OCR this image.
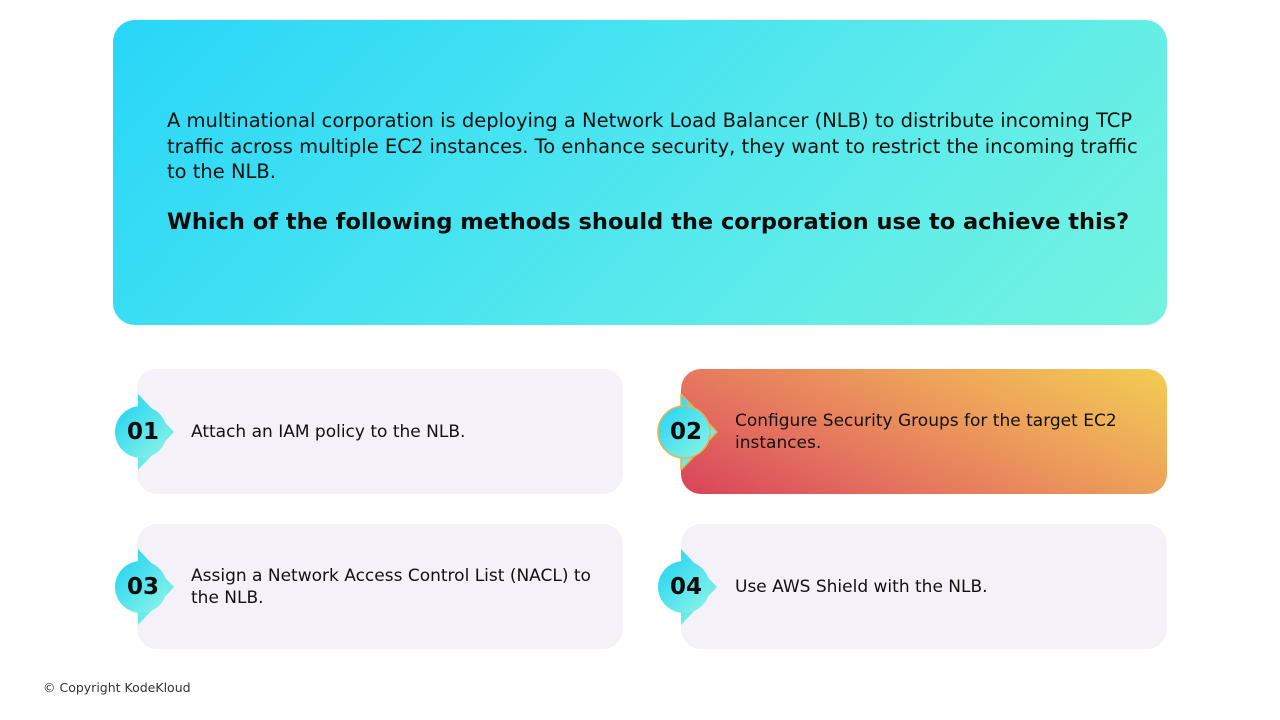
A multinational corporation is deploying a Network Load Balancer (NLB) to distribute incoming TCP traffic across multiple EC2 instances. To enhance security, they want to restrict the incoming traffic to the NLB.

Which of the following methods should the corporation use to achieve this?

Attach an IAM policy to the NLB.
01	Configure Security Groups for the target EC2 instances.
02
Assign a Network Access Control List (NACL) to the NLB.
03	Use AWS Shield with the NLB.
04
© Copyright KodeKloud
